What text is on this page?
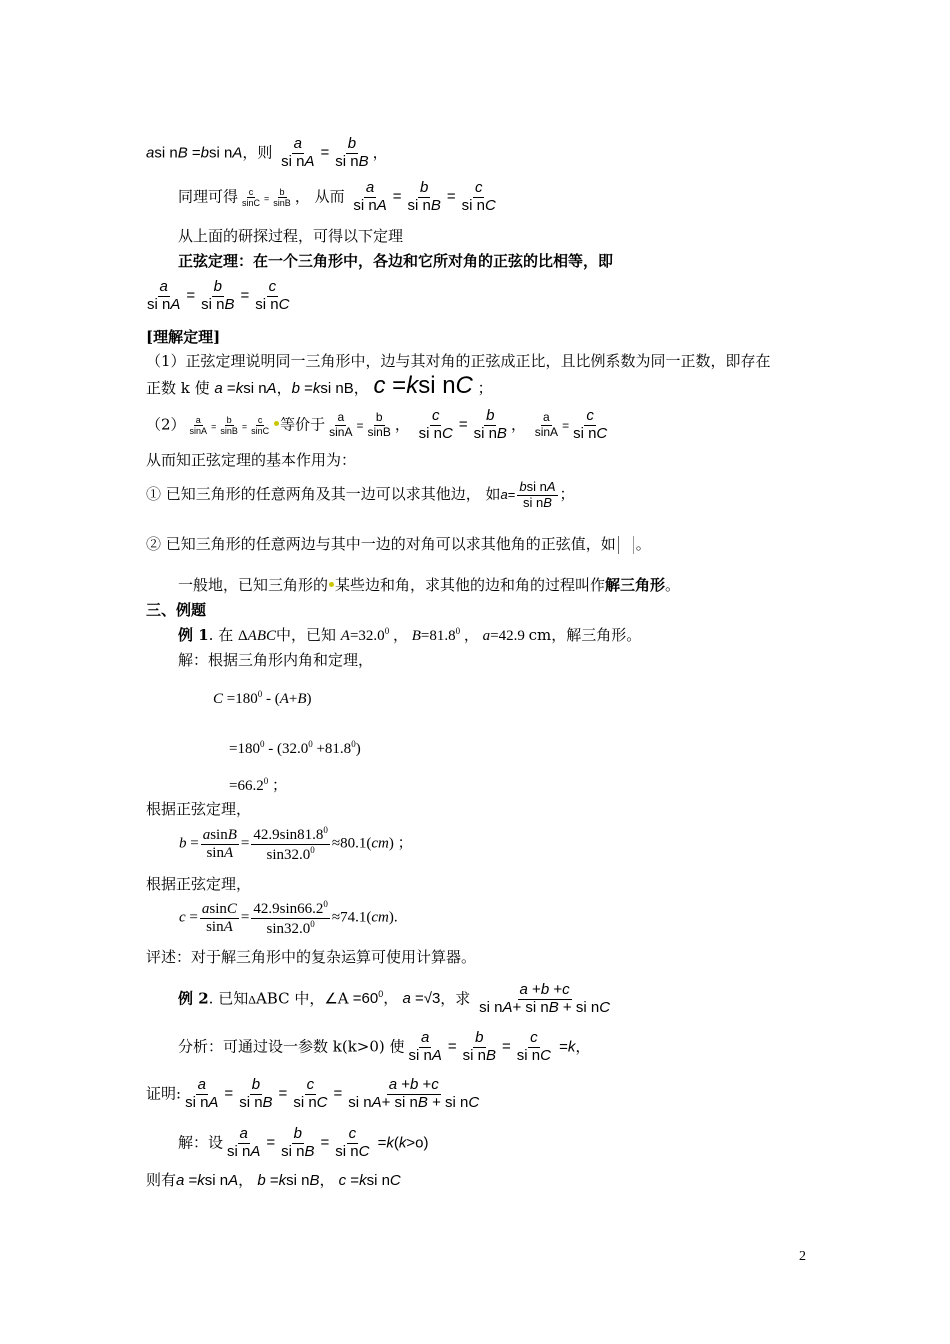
asi nB =bsi nA，则 $\frac{a}{\text{si nA}} = \frac{b}{\text{si nB}}$ ，
同理可得 $\frac{c}{\sin C} = \frac{b}{\sin B}$ ， 从而 $\frac{a}{\text{si nA}} = \frac{b}{\text{si nB}} = \frac{c}{\text{si nC}}$
从上面的研探过程，可得以下定理
正弦定理：在一个三角形中，各边和它所对角的正弦的比相等，即
$\frac{a}{\text{si nA}} = \frac{b}{\text{si nB}} = \frac{c}{\text{si nC}}$
[理解定理]
（1）正弦定理说明同一三角形中，边与其对角的正弦成正比，且比例系数为同一正数，即存在
正数 k 使 a =ksi nA，b =ksi nB， c =ksi nC ；
$(2) \frac{a}{\sin A} = \frac{b}{\sin B} = \frac{c}{\sin C}$ 等价于 $\frac{a}{\sin A} = \frac{b}{\sin B}$ ， $\frac{c}{\text{si nC}} = \frac{b}{\text{si nB}}$ ， $\frac{a}{\sin A} = \frac{c}{\text{si nC}}$
从而知正弦定理的基本作用为：
① 已知三角形的任意两角及其一边可以求其他边， 如$a= \frac{\text{bsi nA}}{\text{si nB}}$ ；
② 已知三角形的任意两边与其中一边的对角可以求其他角的正弦值，如 。
一般地，已知三角形的 某些边和角，求其他的边和角的过程叫作解三角形。
三、例题
例 1. 在 ΔABC中，已知 $A=32.0^0$ ， $B=81.8^0$ ， a=42.9 cm，解三角形。
解：根据三角形内角和定理，
$C =180^0 - (A+B)$
$=180^0 - (32.0^0 +81.8^0)$
$=66.2^0$ ；
根据正弦定理，
$b = \frac{asinB}{\sin A} = \frac{42.9\sin 81.8^0}{\sin 32.0^0} \approx 80.1(cm)$ ；
根据正弦定理，
$c = \frac{asinC}{\sin A} = \frac{42.9\sin 66.2^0}{\sin 32.0^0} \approx 74.1(cm)$.
评述：对于解三角形中的复杂运算可使用计算器。
例 2. 已知ΔABC 中，∠A $=60^0$， a =√3，求 $\frac{a +b +c}{\text{si nA+ si nB + si nC}}$
分析：可通过设一参数 k(k>0) 使 $\frac{a}{\text{si nA}} = \frac{b}{\text{si nB}} = \frac{c}{\text{si nC}} =k$，
证明: $\frac{a}{\text{si nA}} = \frac{b}{\text{si nB}} = \frac{c}{\text{si nC}} = \frac{a +b +c}{\text{si nA+ si nB + si nC}}$
解：设 $\frac{a}{\text{si nA}} = \frac{b}{\text{si nB}} = \frac{c}{\text{si nC}} =k(k>o)$
则有a =ksi nA， b =ksi nB， c =ksi nC
2
